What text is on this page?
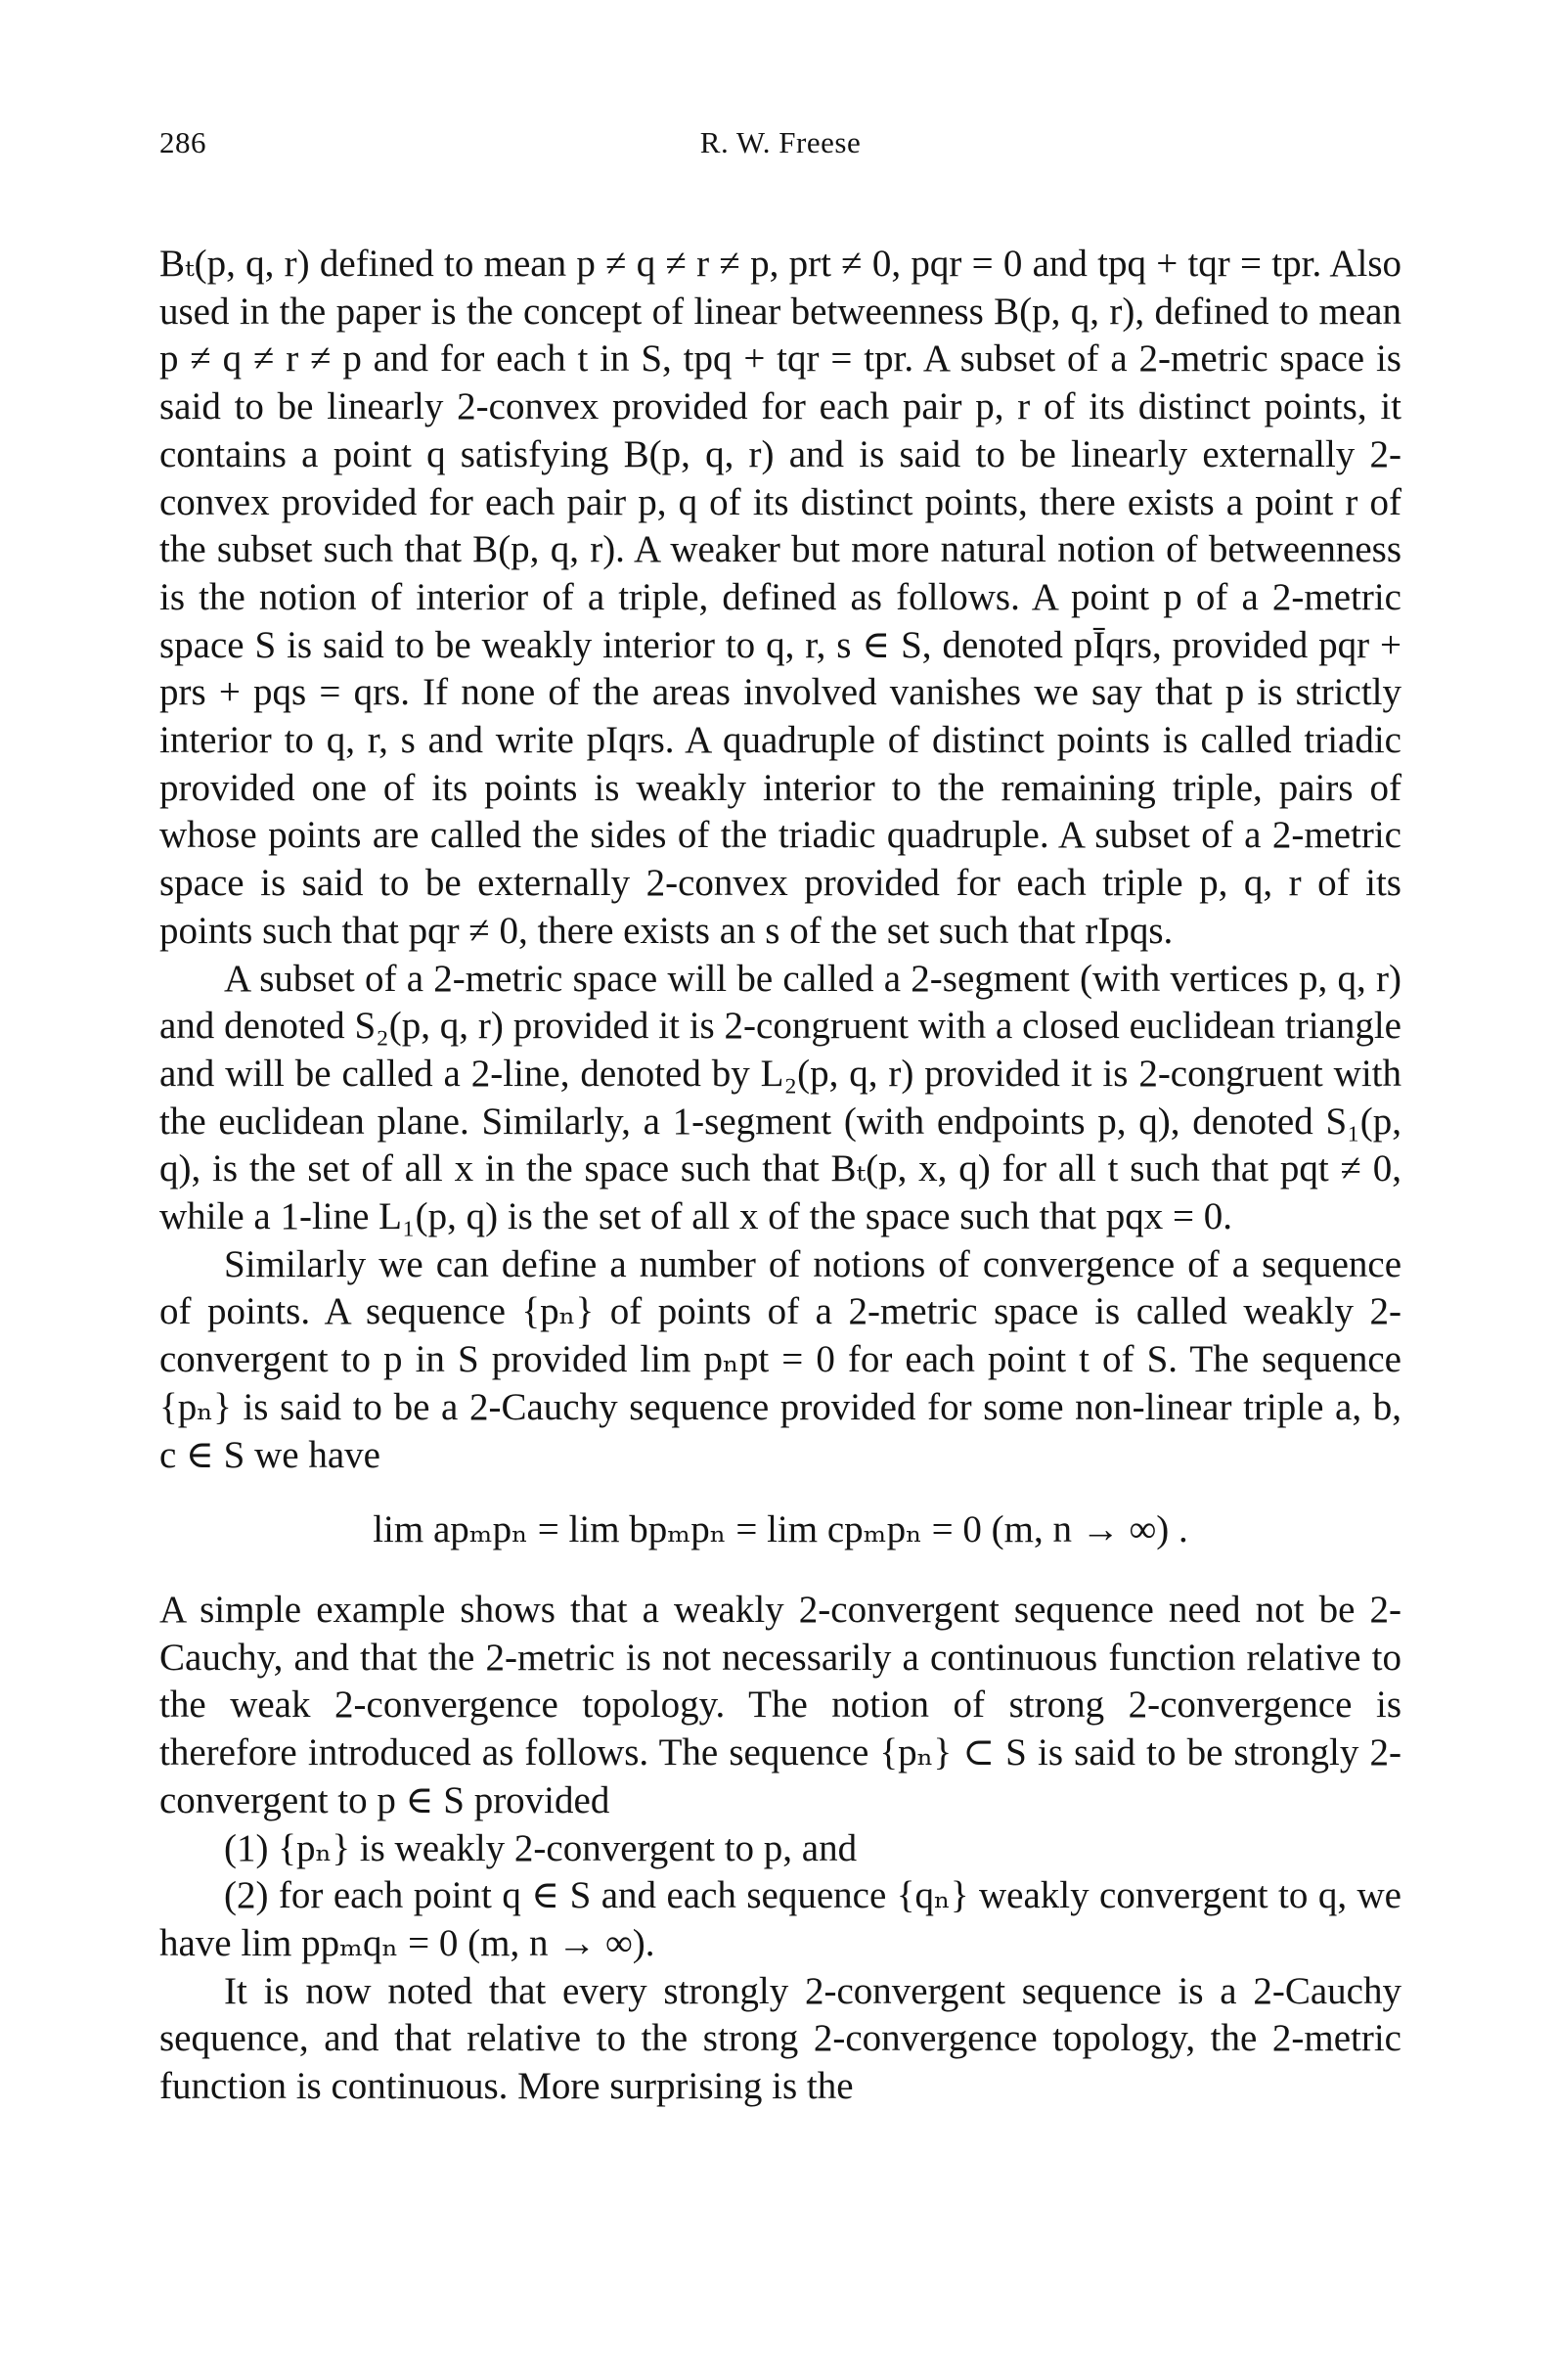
286	R. W. Freese

Bₜ(p, q, r) defined to mean p ≠ q ≠ r ≠ p, prt ≠ 0, pqr = 0 and tpq + tqr = tpr. Also used in the paper is the concept of linear betweenness B(p, q, r), defined to mean p ≠ q ≠ r ≠ p and for each t in S, tpq + tqr = tpr. A subset of a 2-metric space is said to be linearly 2-convex provided for each pair p, r of its distinct points, it contains a point q satisfying B(p, q, r) and is said to be linearly externally 2-convex provided for each pair p, q of its distinct points, there exists a point r of the subset such that B(p, q, r). A weaker but more natural notion of betweenness is the notion of interior of a triple, defined as follows. A point p of a 2-metric space S is said to be weakly interior to q, r, s ∈ S, denoted pĪqrs, provided pqr + prs + pqs = qrs. If none of the areas involved vanishes we say that p is strictly interior to q, r, s and write pIqrs. A quadruple of distinct points is called triadic provided one of its points is weakly interior to the remaining triple, pairs of whose points are called the sides of the triadic quadruple. A subset of a 2-metric space is said to be externally 2-convex provided for each triple p, q, r of its points such that pqr ≠ 0, there exists an s of the set such that rIpqs.

A subset of a 2-metric space will be called a 2-segment (with vertices p, q, r) and denoted S₂(p, q, r) provided it is 2-congruent with a closed euclidean triangle and will be called a 2-line, denoted by L₂(p, q, r) provided it is 2-congruent with the euclidean plane. Similarly, a 1-segment (with endpoints p, q), denoted S₁(p, q), is the set of all x in the space such that Bₜ(p, x, q) for all t such that pqt ≠ 0, while a 1-line L₁(p, q) is the set of all x of the space such that pqx = 0.

Similarly we can define a number of notions of convergence of a sequence of points. A sequence {pₙ} of points of a 2-metric space is called weakly 2-convergent to p in S provided lim pₙpt = 0 for each point t of S. The sequence {pₙ} is said to be a 2-Cauchy sequence provided for some non-linear triple a, b, c ∈ S we have

lim apₘpₙ = lim bpₘpₙ = lim cpₘpₙ = 0 (m, n → ∞) .

A simple example shows that a weakly 2-convergent sequence need not be 2-Cauchy, and that the 2-metric is not necessarily a continuous function relative to the weak 2-convergence topology. The notion of strong 2-convergence is therefore introduced as follows. The sequence {pₙ} ⊂ S is said to be strongly 2-convergent to p ∈ S provided

(1) {pₙ} is weakly 2-convergent to p, and

(2) for each point q ∈ S and each sequence {qₙ} weakly convergent to q, we have lim ppₘqₙ = 0 (m, n → ∞).

It is now noted that every strongly 2-convergent sequence is a 2-Cauchy sequence, and that relative to the strong 2-convergence topology, the 2-metric function is continuous. More surprising is the
